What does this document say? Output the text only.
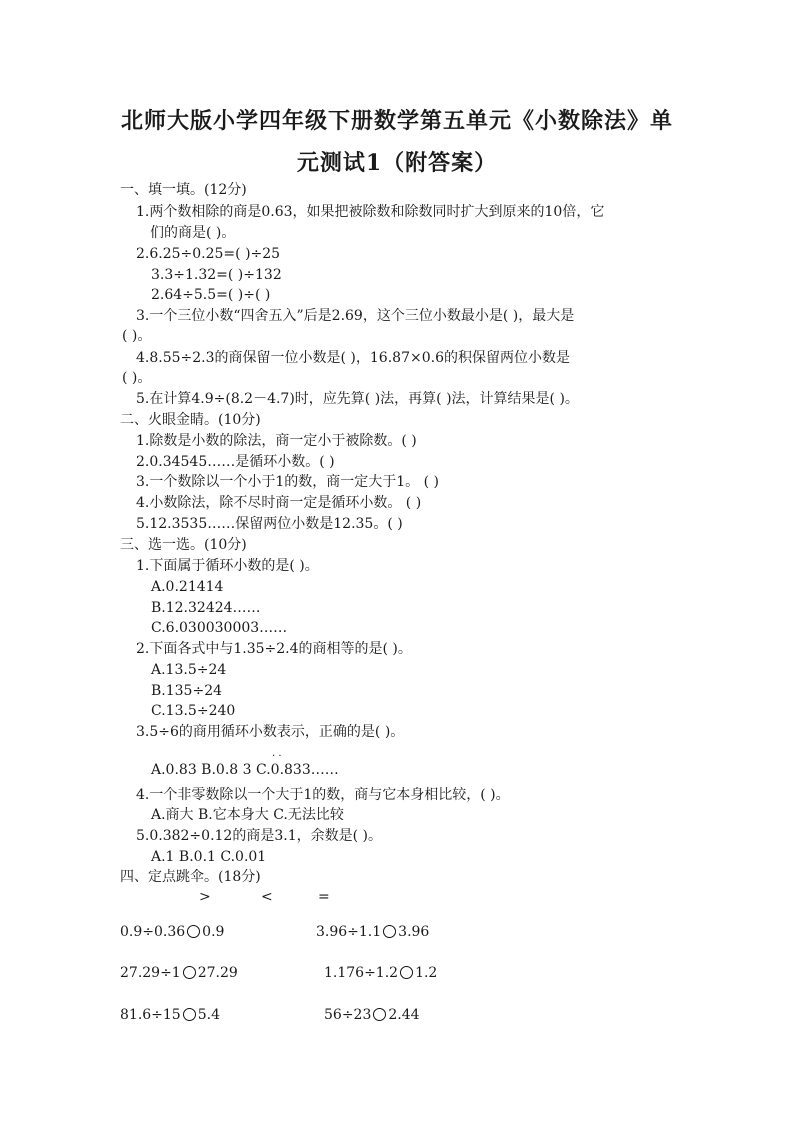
北师大版小学四年级下册数学第五单元《小数除法》单
元测试1（附答案）
一、填一填。(12分)
1.两个数相除的商是0.63，如果把被除数和除数同时扩大到原来的10倍，它
们的商是( )。
2.6.25÷0.25=( )÷25
3.3÷1.32=( )÷132
2.64÷5.5=( )÷( )
3.一个三位小数“四舍五入”后是2.69，这个三位小数最小是( )，最大是
( )。
4.8.55÷2.3的商保留一位小数是( )，16.87×0.6的积保留两位小数是
( )。
5.在计算4.9÷(8.2－4.7)时，应先算( )法，再算( )法，计算结果是( )。
二、火眼金睛。(10分)
1.除数是小数的除法，商一定小于被除数。( )
2.0.34545……是循环小数。( )
3.一个数除以一个小于1的数，商一定大于1。 ( )
4.小数除法，除不尽时商一定是循环小数。 ( )
5.12.3535……保留两位小数是12.35。( )
三、选一选。(10分)
1.下面属于循环小数的是( )。
A.0.21414
B.12.32424……
C.6.030030003……
2.下面各式中与1.35÷2.4的商相等的是( )。
A.13.5÷24
B.135÷24
C.13.5÷240
3.5÷6的商用循环小数表示，正确的是( )。
· ·
A.0.83 B.0.8 3 C.0.833……
4.一个非零数除以一个大于1的数，商与它本身相比较，( )。
A.商大 B.它本身大 C.无法比较
5.0.382÷0.12的商是3.1，余数是( )。
A.1 B.0.1 C.0.01
四、定点跳伞。(18分)
>	<	=
0.9÷0.36 0.9	3.96÷1.1 3.96
27.29÷1 27.29	1.176÷1.2 1.2
81.6÷15 5.4	56÷23 2.44
